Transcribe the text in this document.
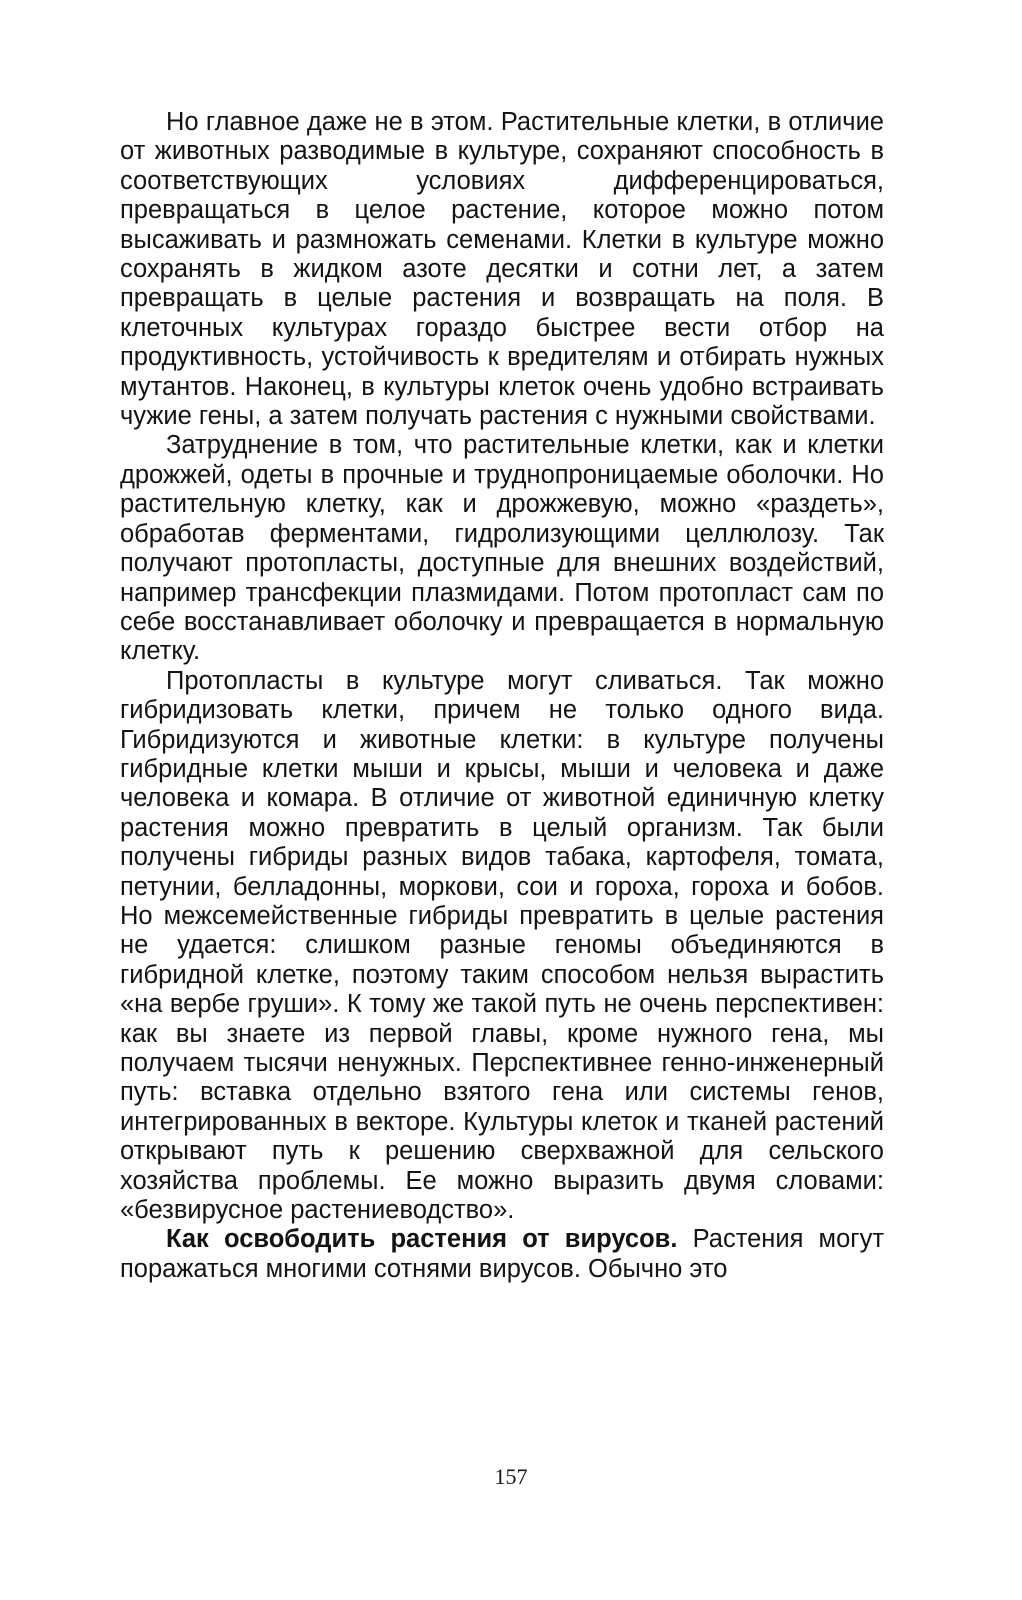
Но главное даже не в этом. Растительные клетки, в отличие от животных разводимые в культуре, сохраняют способность в соответствующих условиях дифференцироваться, превращаться в целое растение, которое можно потом высаживать и размножать семенами. Клетки в культуре можно сохранять в жидком азоте десятки и сотни лет, а затем превращать в целые растения и возвращать на поля. В клеточных культурах гораздо быстрее вести отбор на продуктивность, устойчивость к вредителям и отбирать нужных мутантов. Наконец, в культуры клеток очень удобно встраивать чужие гены, а затем получать растения с нужными свойствами.

Затруднение в том, что растительные клетки, как и клетки дрожжей, одеты в прочные и труднопроницаемые оболочки. Но растительную клетку, как и дрожжевую, можно «раздеть», обработав ферментами, гидролизующими целлюлозу. Так получают протопласты, доступные для внешних воздействий, например трансфекции плазмидами. Потом протопласт сам по себе восстанавливает оболочку и превращается в нормальную клетку.

Протопласты в культуре могут сливаться. Так можно гибридизовать клетки, причем не только одного вида. Гибридизуются и животные клетки: в культуре получены гибридные клетки мыши и крысы, мыши и человека и даже человека и комара. В отличие от животной единичную клетку растения можно превратить в целый организм. Так были получены гибриды разных видов табака, картофеля, томата, петунии, белладонны, моркови, сои и гороха, гороха и бобов. Но межсемейственные гибриды превратить в целые растения не удается: слишком разные геномы объединяются в гибридной клетке, поэтому таким способом нельзя вырастить «на вербе груши». К тому же такой путь не очень перспективен: как вы знаете из первой главы, кроме нужного гена, мы получаем тысячи ненужных. Перспективнее генно-инженерный путь: вставка отдельно взятого гена или системы генов, интегрированных в векторе. Культуры клеток и тканей растений открывают путь к решению сверхважной для сельского хозяйства проблемы. Ее можно выразить двумя словами: «безвирусное растениеводство».

Как освободить растения от вирусов. Растения могут поражаться многими сотнями вирусов. Обычно это

157
